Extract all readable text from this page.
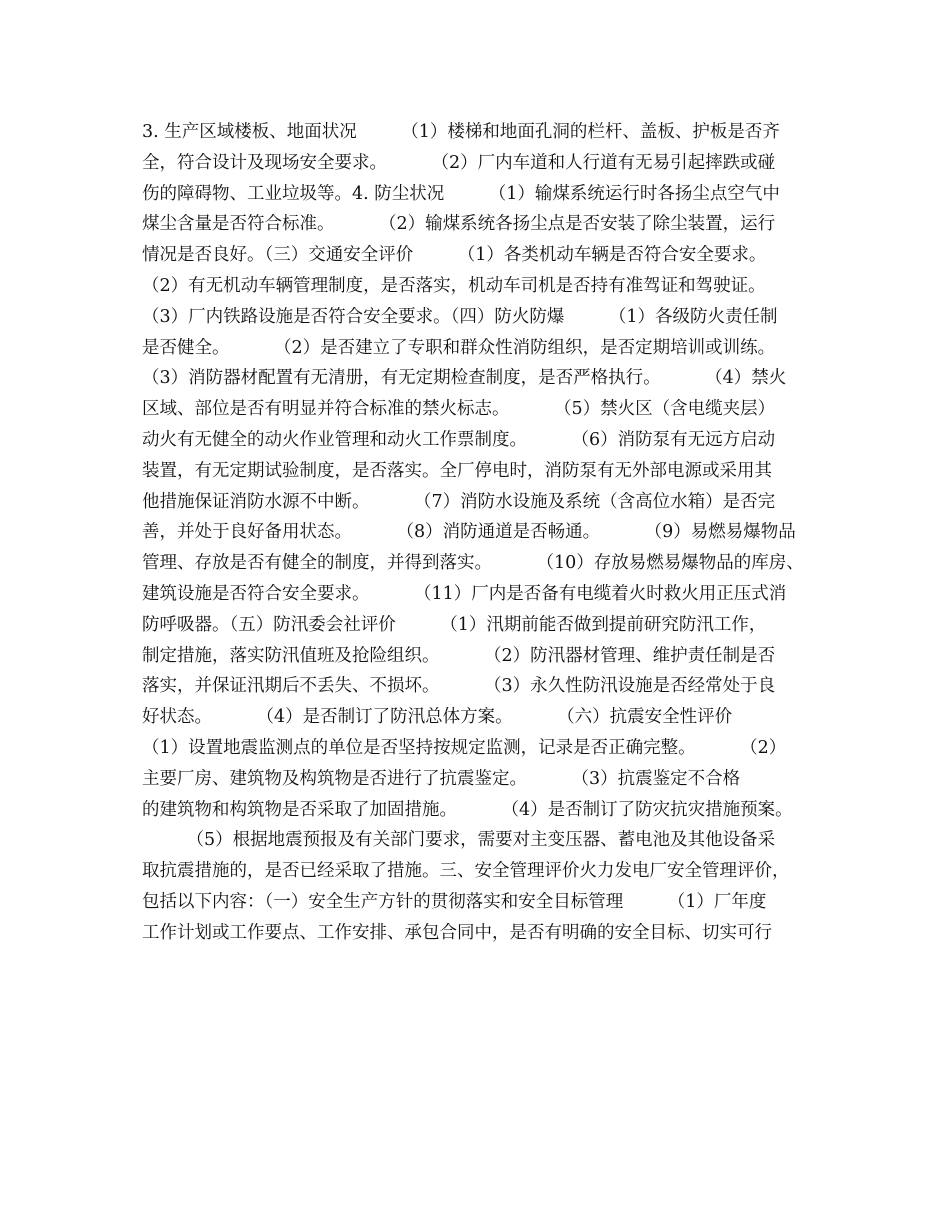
3. 生产区域楼板、地面状况        （1）楼梯和地面孔洞的栏杆、盖板、护板是否齐
全，符合设计及现场安全要求。        （2）厂内车道和人行道有无易引起摔跌或碰
伤的障碍物、工业垃圾等。4. 防尘状况        （1）输煤系统运行时各扬尘点空气中
煤尘含量是否符合标准。        （2）输煤系统各扬尘点是否安装了除尘装置，运行
情况是否良好。（三）交通安全评价        （1）各类机动车辆是否符合安全要求。
（2）有无机动车辆管理制度，是否落实，机动车司机是否持有准驾证和驾驶证。
（3）厂内铁路设施是否符合安全要求。（四）防火防爆        （1）各级防火责任制
是否健全。        （2）是否建立了专职和群众性消防组织，是否定期培训或训练。
（3）消防器材配置有无清册，有无定期检查制度，是否严格执行。        （4）禁火
区域、部位是否有明显并符合标准的禁火标志。        （5）禁火区（含电缆夹层）
动火有无健全的动火作业管理和动火工作票制度。        （6）消防泵有无远方启动
装置，有无定期试验制度，是否落实。全厂停电时，消防泵有无外部电源或采用其
他措施保证消防水源不中断。        （7）消防水设施及系统（含高位水箱）是否完
善，并处于良好备用状态。        （8）消防通道是否畅通。        （9）易燃易爆物品
管理、存放是否有健全的制度，并得到落实。        （10）存放易燃易爆物品的库房、
建筑设施是否符合安全要求。        （11）厂内是否备有电缆着火时救火用正压式消
防呼吸器。（五）防汛委会社评价        （1）汛期前能否做到提前研究防汛工作，
制定措施，落实防汛值班及抢险组织。        （2）防汛器材管理、维护责任制是否
落实，并保证汛期后不丢失、不损坏。        （3）永久性防汛设施是否经常处于良
好状态。        （4）是否制订了防汛总体方案。        （六）抗震安全性评价
（1）设置地震监测点的单位是否坚持按规定监测，记录是否正确完整。        （2）
主要厂房、建筑物及构筑物是否进行了抗震鉴定。        （3）抗震鉴定不合格
的建筑物和构筑物是否采取了加固措施。        （4）是否制订了防灾抗灾措施预案。
（5）根据地震预报及有关部门要求，需要对主变压器、蓄电池及其他设备采
取抗震措施的，是否已经采取了措施。三、安全管理评价火力发电厂安全管理评价，
包括以下内容：（一）安全生产方针的贯彻落实和安全目标管理        （1）厂年度
工作计划或工作要点、工作安排、承包合同中，是否有明确的安全目标、切实可行
